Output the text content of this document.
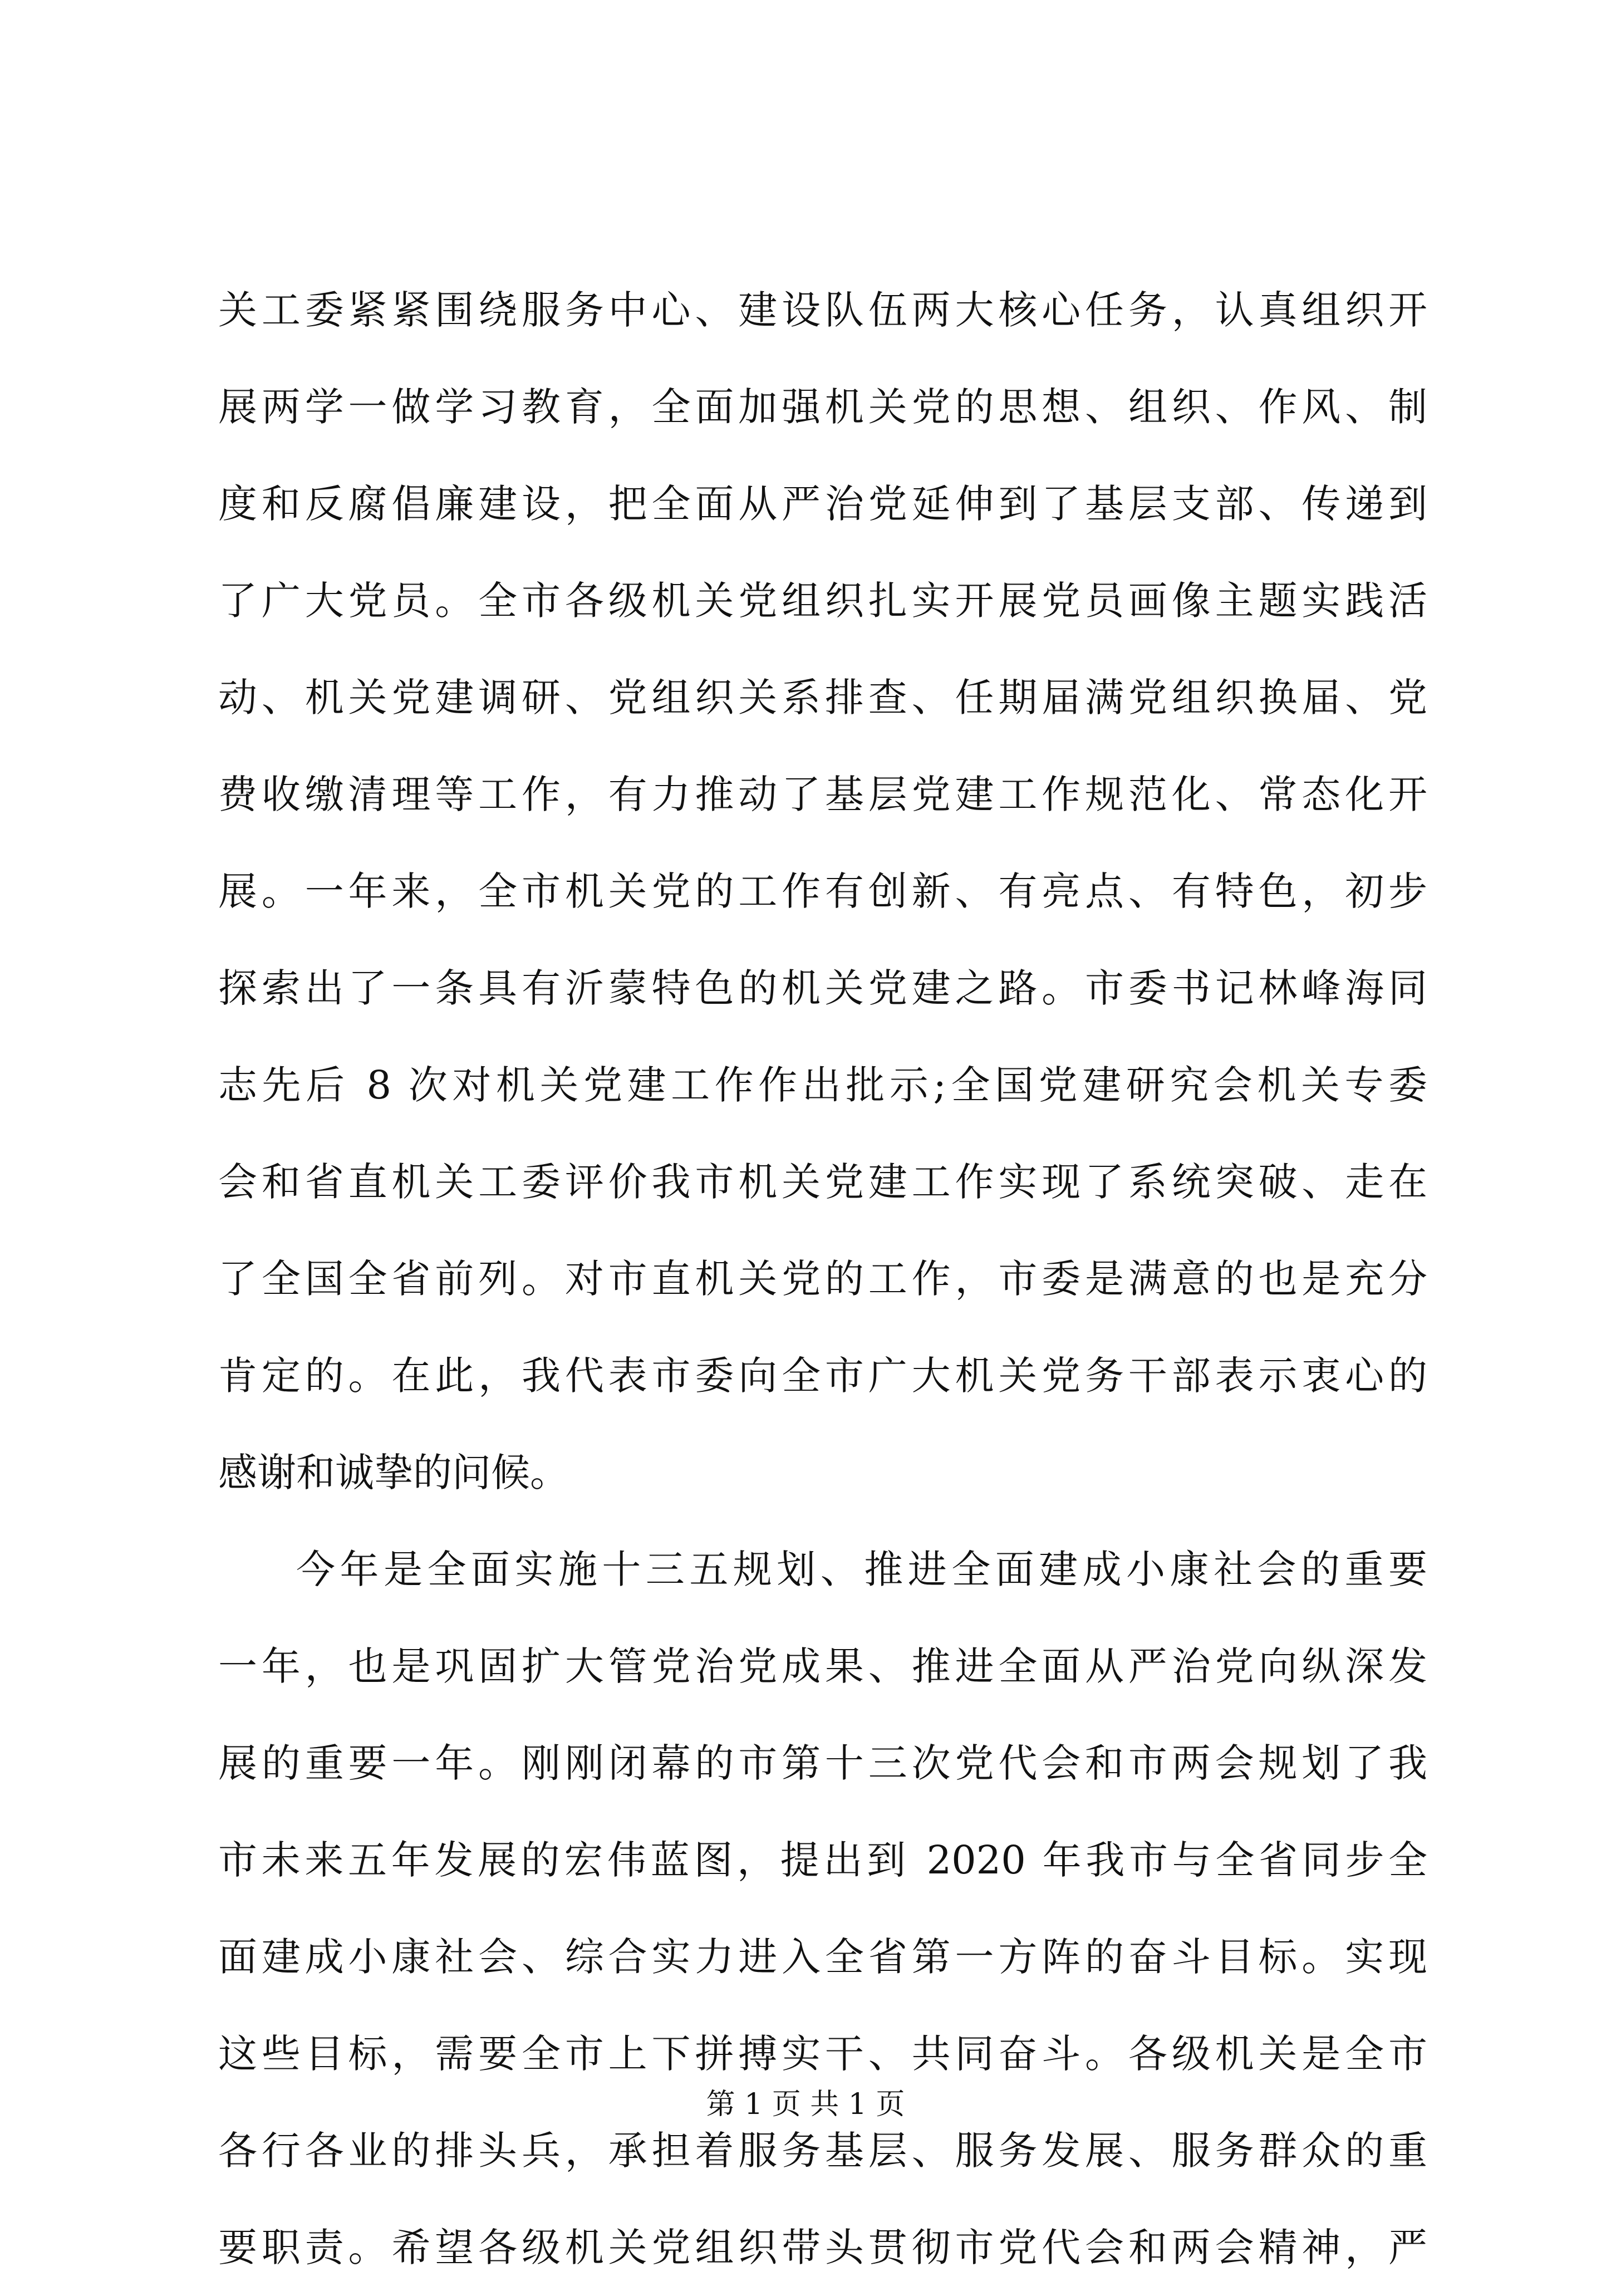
关工委紧紧围绕服务中心、建设队伍两大核心任务，认真组织开
展两学一做学习教育，全面加强机关党的思想、组织、作风、制
度和反腐倡廉建设，把全面从严治党延伸到了基层支部、传递到
了广大党员。全市各级机关党组织扎实开展党员画像主题实践活
动、机关党建调研、党组织关系排查、任期届满党组织换届、党
费收缴清理等工作，有力推动了基层党建工作规范化、常态化开
展。一年来，全市机关党的工作有创新、有亮点、有特色，初步
探索出了一条具有沂蒙特色的机关党建之路。市委书记林峰海同
志先后 8 次对机关党建工作作出批示;全国党建研究会机关专委
会和省直机关工委评价我市机关党建工作实现了系统突破、走在
了全国全省前列。对市直机关党的工作，市委是满意的也是充分
肯定的。在此，我代表市委向全市广大机关党务干部表示衷心的
感谢和诚挚的问候。
今年是全面实施十三五规划、推进全面建成小康社会的重要
一年，也是巩固扩大管党治党成果、推进全面从严治党向纵深发
展的重要一年。刚刚闭幕的市第十三次党代会和市两会规划了我
市未来五年发展的宏伟蓝图，提出到 2020 年我市与全省同步全
面建成小康社会、综合实力进入全省第一方阵的奋斗目标。实现
这些目标，需要全市上下拼搏实干、共同奋斗。各级机关是全市
各行各业的排头兵，承担着服务基层、服务发展、服务群众的重
要职责。希望各级机关党组织带头贯彻市党代会和两会精神，严
第 1 页 共 1 页
